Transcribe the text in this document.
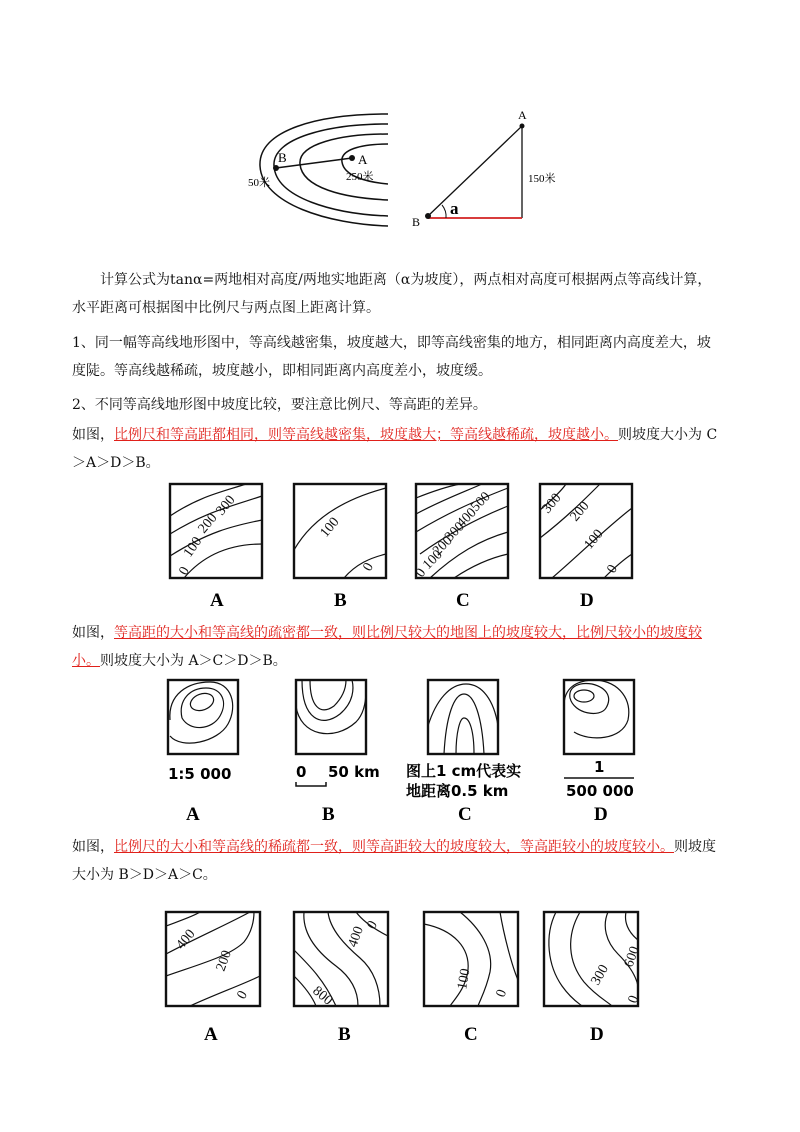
B	A
50米	250米
A
B
a
150米
计算公式为tanα=两地相对高度/两地实地距离（α为坡度），两点相对高度可根据两点等高线计算，
水平距离可根据图中比例尺与两点图上距离计算。
1、同一幅等高线地形图中，等高线越密集，坡度越大，即等高线密集的地方，相同距离内高度差大，坡
度陡。等高线越稀疏，坡度越小，即相同距离内高度差小，坡度缓。
2、不同等高线地形图中坡度比较，要注意比例尺、等高距的差异。
如图，比例尺和等高距都相同，则等高线越密集，坡度越大；等高线越稀疏，坡度越小。则坡度大小为 C
＞A＞D＞B。
300
200
100
0
100
0
500
400
300
200
100
0
300 200
100
0
A	B	C	D
如图，等高距的大小和等高线的疏密都一致，则比例尺较大的地图上的坡度较大，比例尺较小的坡度较
小。则坡度大小为 A＞C＞D＞B。
1:5 000	0 50 km 图上1 cm代表实
地距离0.5 km
1
500 000
A	B	C	D
如图，比例尺的大小和等高线的稀疏都一致，则等高距较大的坡度较大，等高距较小的坡度较小。则坡度
大小为 B＞D＞A＞C。
400
200
0
400
800
0
100
0
600
300
0
A	B	C	D
